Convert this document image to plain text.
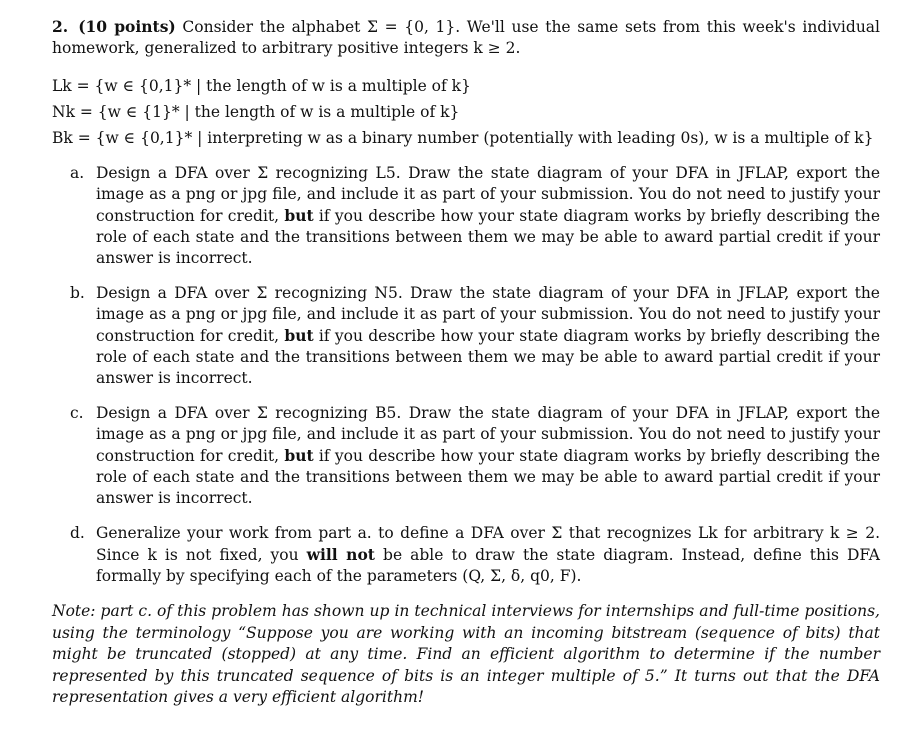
2. (10 points) Consider the alphabet Σ = {0, 1}. We'll use the same sets from this week's individual homework, generalized to arbitrary positive integers k ≥ 2.

Lk = {w ∈ {0,1}* | the length of w is a multiple of k}
Nk = {w ∈ {1}* | the length of w is a multiple of k}
Bk = {w ∈ {0,1}* | interpreting w as a binary number (potentially with leading 0s), w is a multiple of k}
a. Design a DFA over Σ recognizing L5. Draw the state diagram of your DFA in JFLAP, export the image as a png or jpg file, and include it as part of your submission. You do not need to justify your construction for credit, but if you describe how your state diagram works by briefly describing the role of each state and the transitions between them we may be able to award partial credit if your answer is incorrect.
b. Design a DFA over Σ recognizing N5. Draw the state diagram of your DFA in JFLAP, export the image as a png or jpg file, and include it as part of your submission. You do not need to justify your construction for credit, but if you describe how your state diagram works by briefly describing the role of each state and the transitions between them we may be able to award partial credit if your answer is incorrect.
c. Design a DFA over Σ recognizing B5. Draw the state diagram of your DFA in JFLAP, export the image as a png or jpg file, and include it as part of your submission. You do not need to justify your construction for credit, but if you describe how your state diagram works by briefly describing the role of each state and the transitions between them we may be able to award partial credit if your answer is incorrect.
d. Generalize your work from part a. to define a DFA over Σ that recognizes Lk for arbitrary k ≥ 2. Since k is not fixed, you will not be able to draw the state diagram. Instead, define this DFA formally by specifying each of the parameters (Q, Σ, δ, q0, F).

Note: part c. of this problem has shown up in technical interviews for internships and full-time positions, using the terminology “Suppose you are working with an incoming bitstream (sequence of bits) that might be truncated (stopped) at any time. Find an efficient algorithm to determine if the number represented by this truncated sequence of bits is an integer multiple of 5.” It turns out that the DFA representation gives a very efficient algorithm!
